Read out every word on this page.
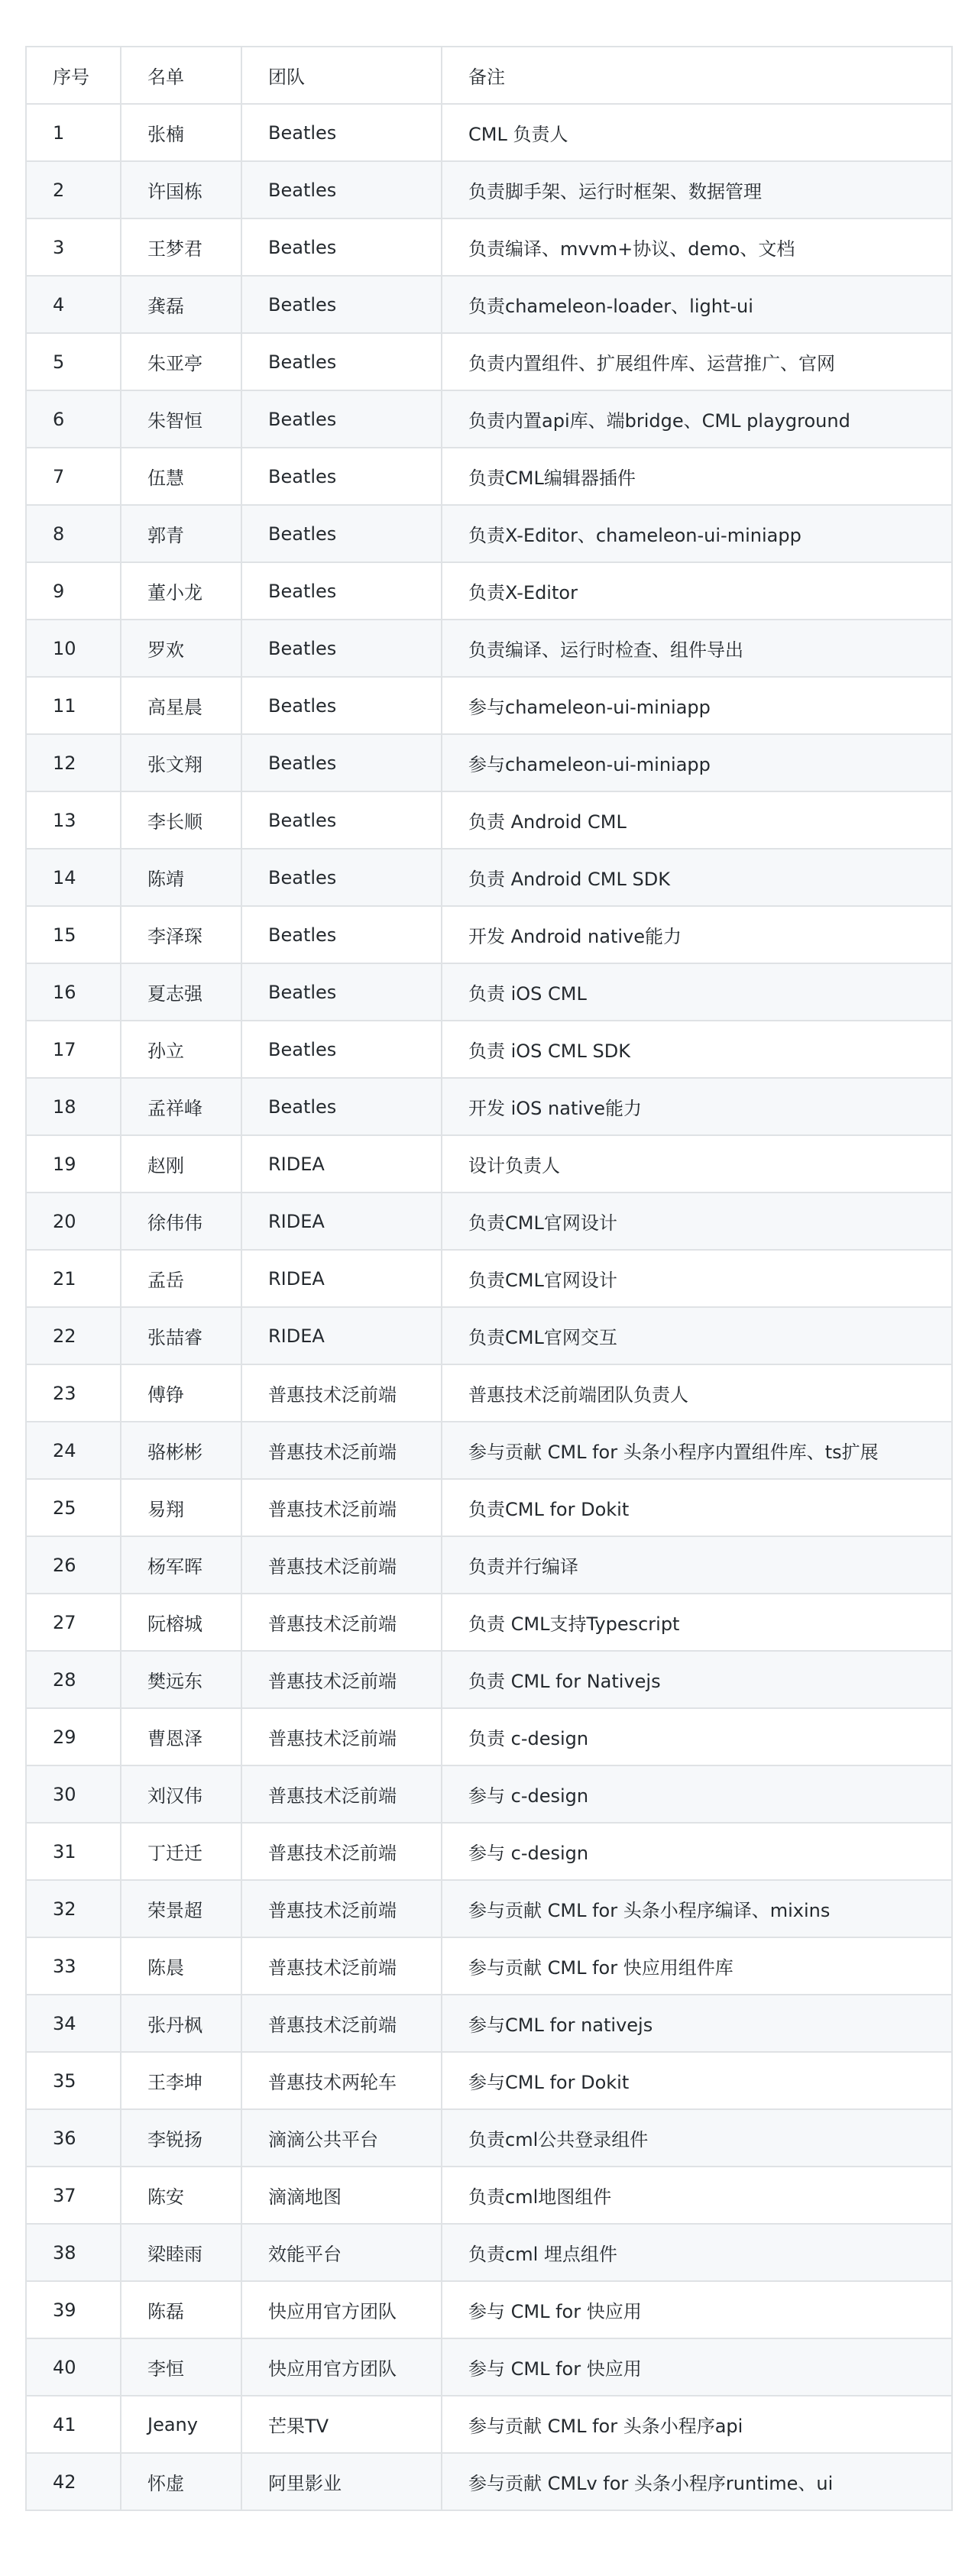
序号	名单	团队	备注
1	张楠	Beatles	CML 负责人
2	许国栋	Beatles	负责脚手架、运行时框架、数据管理
3	王梦君	Beatles	负责编译、mvvm+协议、demo、文档
4	龚磊	Beatles	负责chameleon-loader、light-ui
5	朱亚亭	Beatles	负责内置组件、扩展组件库、运营推广、官网
6	朱智恒	Beatles	负责内置api库、端bridge、CML playground
7	伍慧	Beatles	负责CML编辑器插件
8	郭青	Beatles	负责X-Editor、chameleon-ui-miniapp
9	董小龙	Beatles	负责X-Editor
10	罗欢	Beatles	负责编译、运行时检查、组件导出
11	高星晨	Beatles	参与chameleon-ui-miniapp
12	张文翔	Beatles	参与chameleon-ui-miniapp
13	李长顺	Beatles	负责 Android CML
14	陈靖	Beatles	负责 Android CML SDK
15	李泽琛	Beatles	开发 Android native能力
16	夏志强	Beatles	负责 iOS CML
17	孙立	Beatles	负责 iOS CML SDK
18	孟祥峰	Beatles	开发 iOS native能力
19	赵刚	RIDEA	设计负责人
20	徐伟伟	RIDEA	负责CML官网设计
21	孟岳	RIDEA	负责CML官网设计
22	张喆睿	RIDEA	负责CML官网交互
23	傅铮	普惠技术泛前端	普惠技术泛前端团队负责人
24	骆彬彬	普惠技术泛前端	参与贡献 CML for 头条小程序内置组件库、ts扩展
25	易翔	普惠技术泛前端	负责CML for Dokit
26	杨军晖	普惠技术泛前端	负责并行编译
27	阮榕城	普惠技术泛前端	负责 CML支持Typescript
28	樊远东	普惠技术泛前端	负责 CML for Nativejs
29	曹恩泽	普惠技术泛前端	负责 c-design
30	刘汉伟	普惠技术泛前端	参与 c-design
31	丁迁迁	普惠技术泛前端	参与 c-design
32	荣景超	普惠技术泛前端	参与贡献 CML for 头条小程序编译、mixins
33	陈晨	普惠技术泛前端	参与贡献 CML for 快应用组件库
34	张丹枫	普惠技术泛前端	参与CML for nativejs
35	王李坤	普惠技术两轮车	参与CML for Dokit
36	李锐扬	滴滴公共平台	负责cml公共登录组件
37	陈安	滴滴地图	负责cml地图组件
38	梁睦雨	效能平台	负责cml 埋点组件
39	陈磊	快应用官方团队	参与 CML for 快应用
40	李恒	快应用官方团队	参与 CML for 快应用
41	Jeany	芒果TV	参与贡献 CML for 头条小程序api
42	怀虚	阿里影业	参与贡献 CMLv for 头条小程序runtime、ui
